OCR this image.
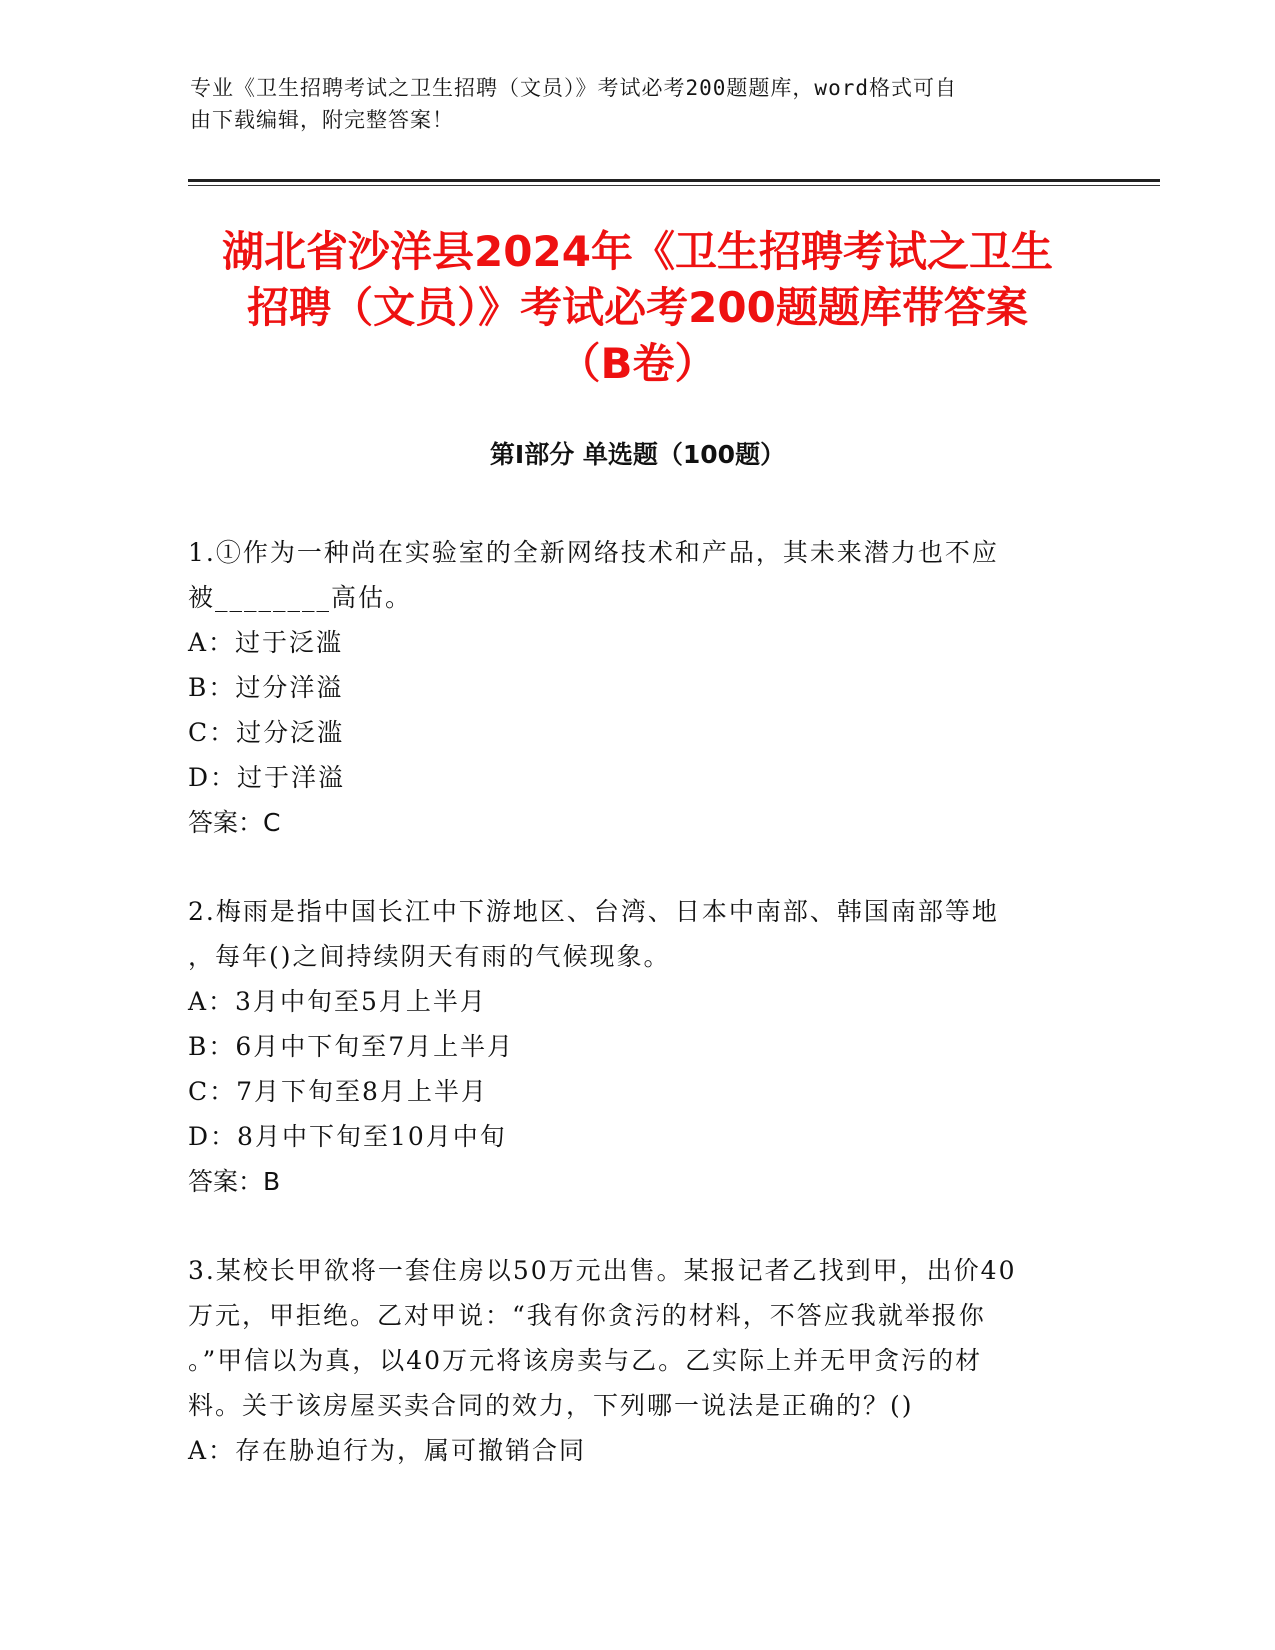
专业《卫生招聘考试之卫生招聘（文员）》考试必考200题题库，word格式可自
由下载编辑，附完整答案！
湖北省沙洋县2024年《卫生招聘考试之卫生
招聘（文员）》考试必考200题题库带答案
（B卷）
第I部分 单选题（100题）
1.①作为一种尚在实验室的全新网络技术和产品，其未来潜力也不应
被________高估。
A：过于泛滥
B：过分洋溢
C：过分泛滥
D：过于洋溢
答案：C
2.梅雨是指中国长江中下游地区、台湾、日本中南部、韩国南部等地
，每年()之间持续阴天有雨的气候现象。
A：3月中旬至5月上半月
B：6月中下旬至7月上半月
C：7月下旬至8月上半月
D：8月中下旬至10月中旬
答案：B
3.某校长甲欲将一套住房以50万元出售。某报记者乙找到甲，出价40
万元，甲拒绝。乙对甲说：“我有你贪污的材料，不答应我就举报你
。”甲信以为真，以40万元将该房卖与乙。乙实际上并无甲贪污的材
料。关于该房屋买卖合同的效力，下列哪一说法是正确的？()
A：存在胁迫行为，属可撤销合同
